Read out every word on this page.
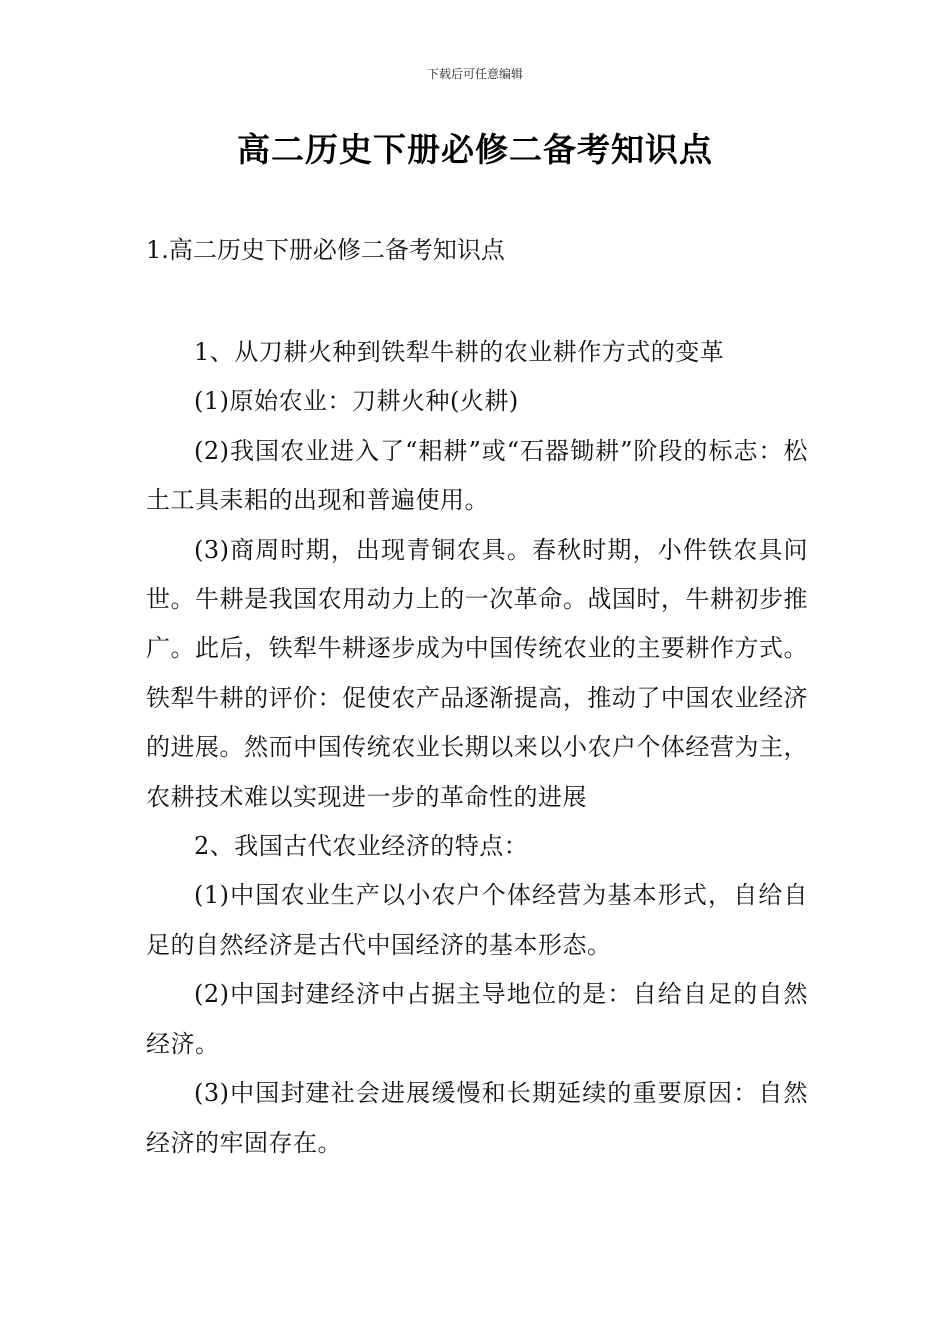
下载后可任意编辑
高二历史下册必修二备考知识点
1.高二历史下册必修二备考知识点

1、从刀耕火种到铁犁牛耕的农业耕作方式的变革

(1)原始农业：刀耕火种(火耕)

(2)我国农业进入了“耜耕”或“石器锄耕”阶段的标志：松土工具耒耜的出现和普遍使用。

(3)商周时期，出现青铜农具。春秋时期，小件铁农具问世。牛耕是我国农用动力上的一次革命。战国时，牛耕初步推广。此后，铁犁牛耕逐步成为中国传统农业的主要耕作方式。铁犁牛耕的评价：促使农产品逐渐提高，推动了中国农业经济的进展。然而中国传统农业长期以来以小农户个体经营为主，农耕技术难以实现进一步的革命性的进展

2、我国古代农业经济的特点：

(1)中国农业生产以小农户个体经营为基本形式，自给自足的自然经济是古代中国经济的基本形态。

(2)中国封建经济中占据主导地位的是：自给自足的自然经济。

(3)中国封建社会进展缓慢和长期延续的重要原因：自然经济的牢固存在。
